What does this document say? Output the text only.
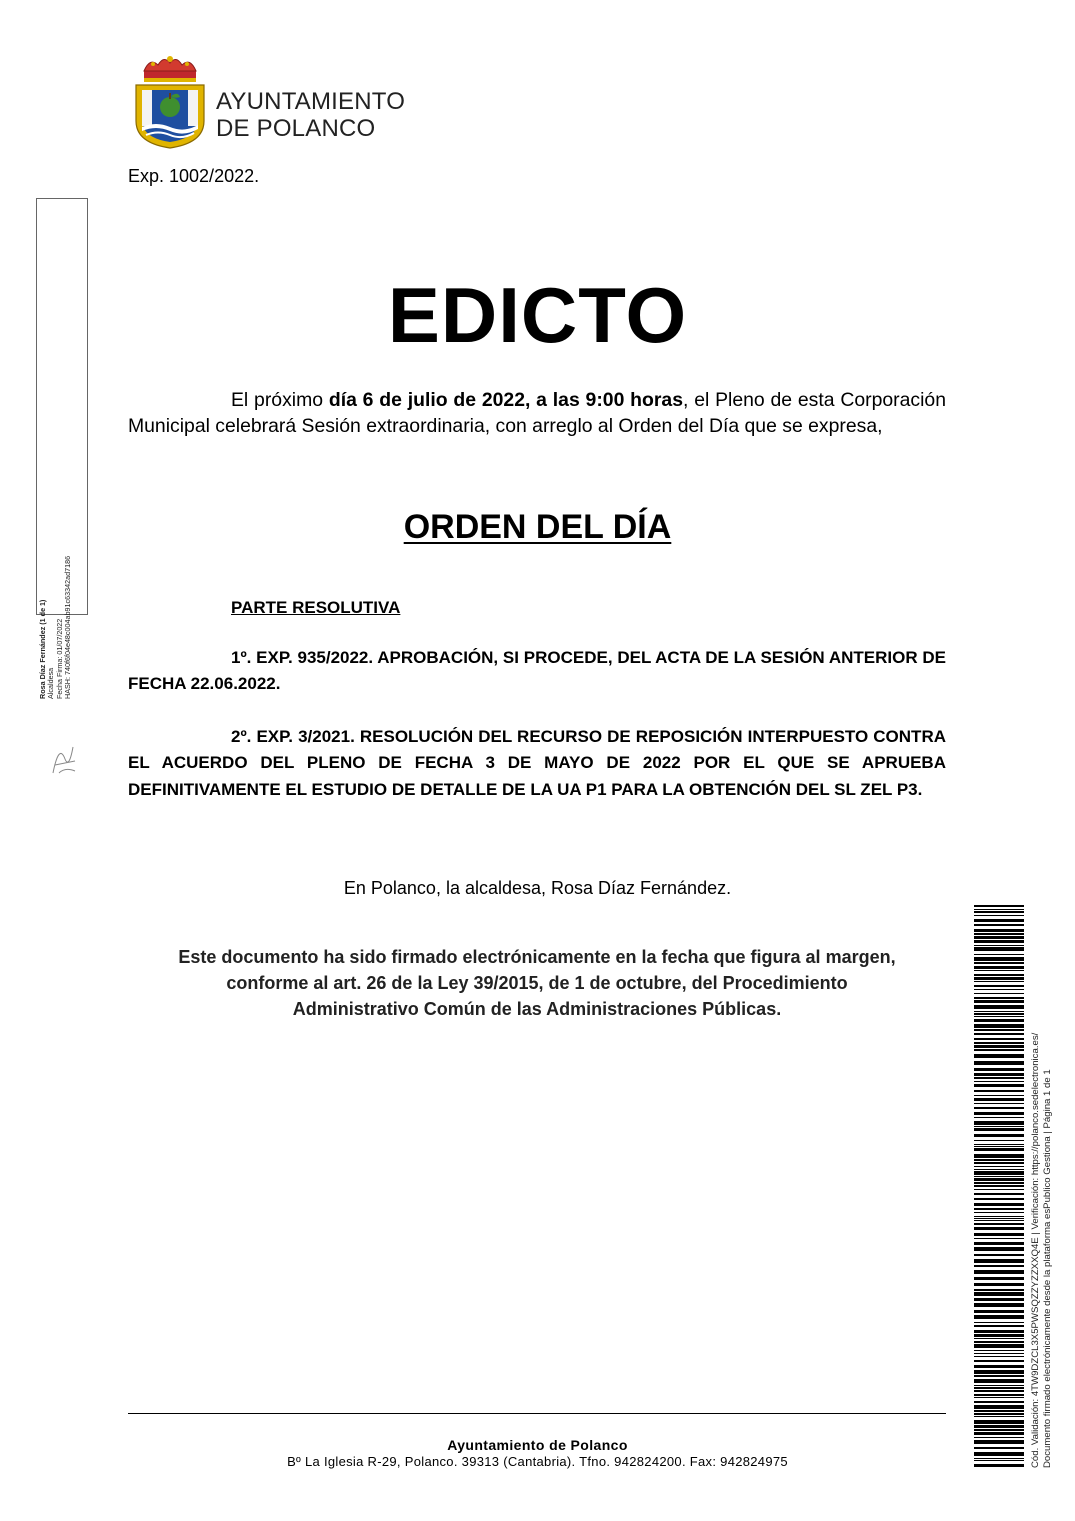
AYUNTAMIENTO
DE POLANCO
Exp. 1002/2022.
Rosa Díaz Fernández (1 de 1) Alcaldesa Fecha Firma: 01/07/2022 HASH: 740f6f04e48c004ab91c63342ad7186
EDICTO
El próximo día 6 de julio de 2022, a las 9:00 horas, el Pleno de esta Corporación Municipal celebrará Sesión extraordinaria, con arreglo al Orden del Día que se expresa,
ORDEN DEL DÍA
PARTE RESOLUTIVA
1º. EXP. 935/2022. APROBACIÓN, SI PROCEDE, DEL ACTA DE LA SESIÓN ANTERIOR DE FECHA 22.06.2022.
2º. EXP. 3/2021. RESOLUCIÓN DEL RECURSO DE REPOSICIÓN INTERPUESTO CONTRA EL ACUERDO DEL PLENO DE FECHA 3 DE MAYO DE 2022 POR EL QUE SE APRUEBA DEFINITIVAMENTE EL ESTUDIO DE DETALLE DE LA UA P1 PARA LA OBTENCIÓN DEL SL ZEL P3.
En Polanco, la alcaldesa, Rosa Díaz Fernández.
Este documento ha sido firmado electrónicamente en la fecha que figura al margen,
conforme al art. 26 de la Ley 39/2015, de 1 de octubre, del Procedimiento
Administrativo Común de las Administraciones Públicas.
Cód. Validación: 4TW9DZCL3X5PWSQZZYZZXXQ4E | Verificación: https://polanco.sedelectronica.es/ Documento firmado electrónicamente desde la plataforma esPublico Gestiona | Página 1 de 1
Ayuntamiento de Polanco
Bº La Iglesia R-29, Polanco. 39313 (Cantabria). Tfno. 942824200. Fax: 942824975
